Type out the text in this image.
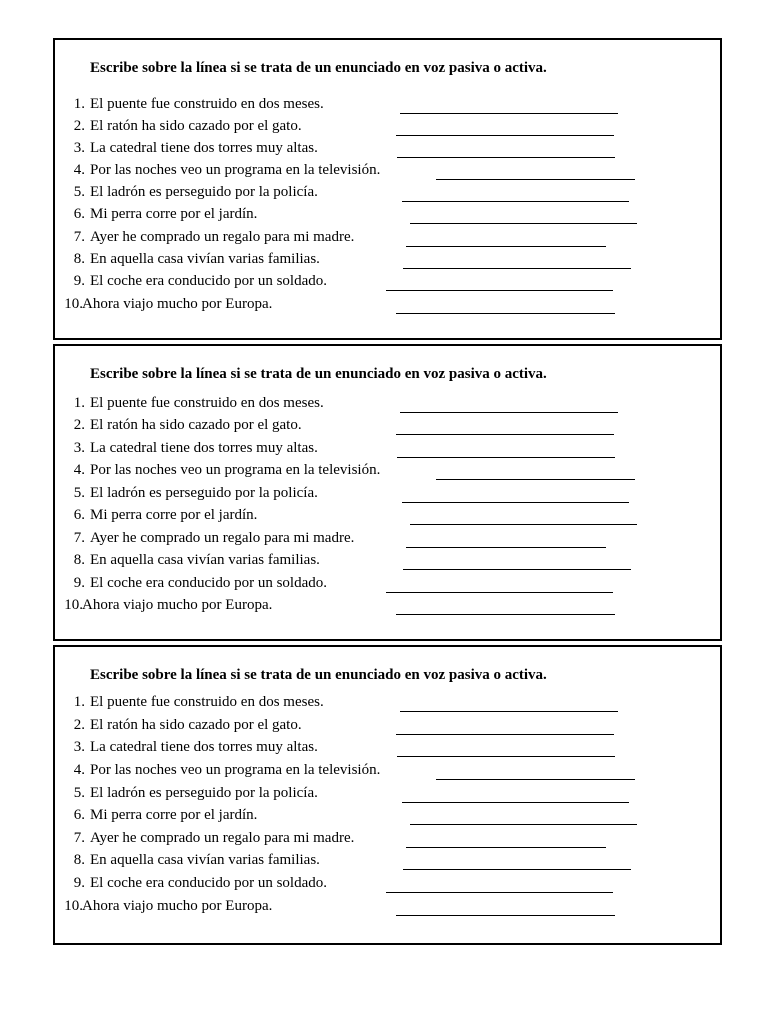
Escribe sobre la línea si se trata de un enunciado en voz pasiva o activa.
1. El puente fue construido en dos meses.
2. El ratón ha sido cazado por el gato.
3. La catedral tiene dos torres muy altas.
4. Por las noches veo un programa en la televisión.
5. El ladrón es perseguido por la policía.
6. Mi perra corre por el jardín.
7. Ayer he comprado un regalo para mi madre.
8. En aquella casa vivían varias familias.
9. El coche era conducido por un soldado.
10. Ahora viajo mucho por Europa.
Escribe sobre la línea si se trata de un enunciado en voz pasiva o activa.
1. El puente fue construido en dos meses.
2. El ratón ha sido cazado por el gato.
3. La catedral tiene dos torres muy altas.
4. Por las noches veo un programa en la televisión.
5. El ladrón es perseguido por la policía.
6. Mi perra corre por el jardín.
7. Ayer he comprado un regalo para mi madre.
8. En aquella casa vivían varias familias.
9. El coche era conducido por un soldado.
10. Ahora viajo mucho por Europa.
Escribe sobre la línea si se trata de un enunciado en voz pasiva o activa.
1. El puente fue construido en dos meses.
2. El ratón ha sido cazado por el gato.
3. La catedral tiene dos torres muy altas.
4. Por las noches veo un programa en la televisión.
5. El ladrón es perseguido por la policía.
6. Mi perra corre por el jardín.
7. Ayer he comprado un regalo para mi madre.
8. En aquella casa vivían varias familias.
9. El coche era conducido por un soldado.
10. Ahora viajo mucho por Europa.
